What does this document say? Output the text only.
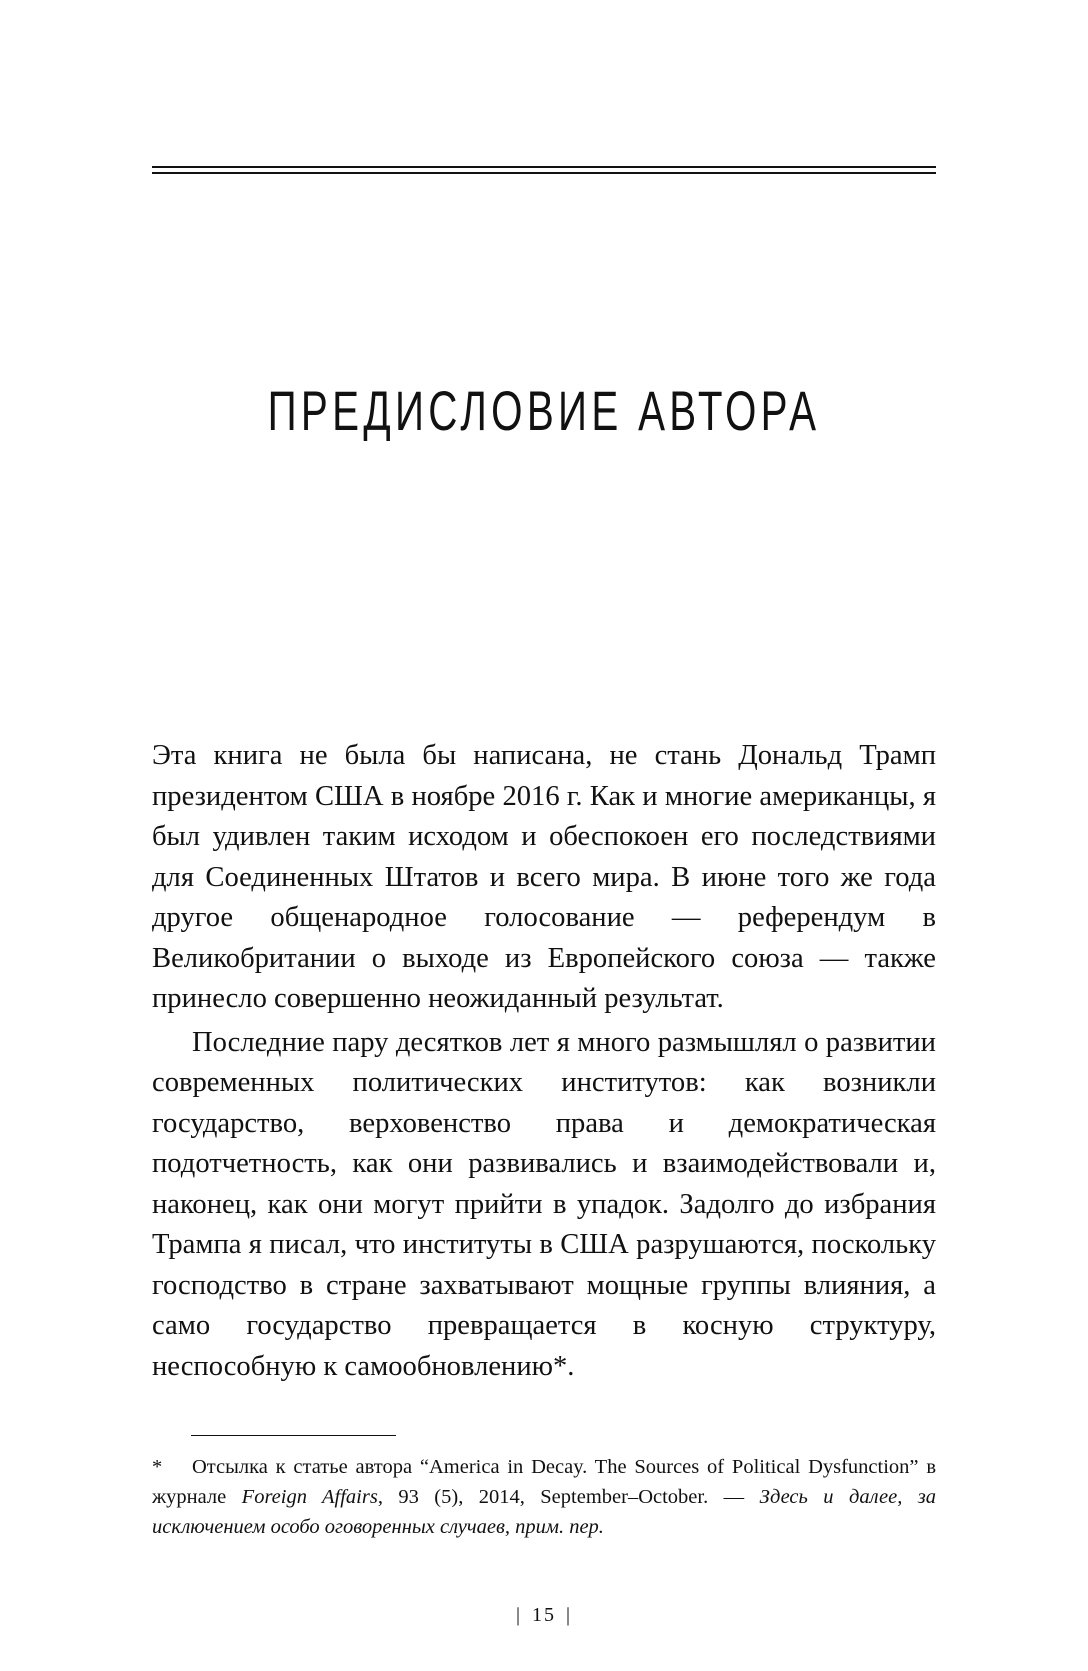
ПРЕДИСЛОВИЕ АВТОРА

Эта книга не была бы написана, не стань Дональд Трамп президентом США в ноябре 2016 г. Как и многие американцы, я был удивлен таким исходом и обеспокоен его последствиями для Соединенных Штатов и всего мира. В июне того же года другое общенародное голосование — референдум в Великобритании о выходе из Европейского союза — также принесло совершенно неожиданный результат.

Последние пару десятков лет я много размышлял о развитии современных политических институтов: как возникли государство, верховенство права и демократическая подотчетность, как они развивались и взаимодействовали и, наконец, как они могут прийти в упадок. Задолго до избрания Трампа я писал, что институты в США разрушаются, поскольку господство в стране захватывают мощные группы влияния, а само государство превращается в косную структуру, неспособную к самообновлению*.

* Отсылка к статье автора “America in Decay. The Sources of Political Dysfunction” в журнале Foreign Affairs, 93 (5), 2014, September–October. — Здесь и далее, за исключением особо оговоренных случаев, прим. пер.

| 15 |
